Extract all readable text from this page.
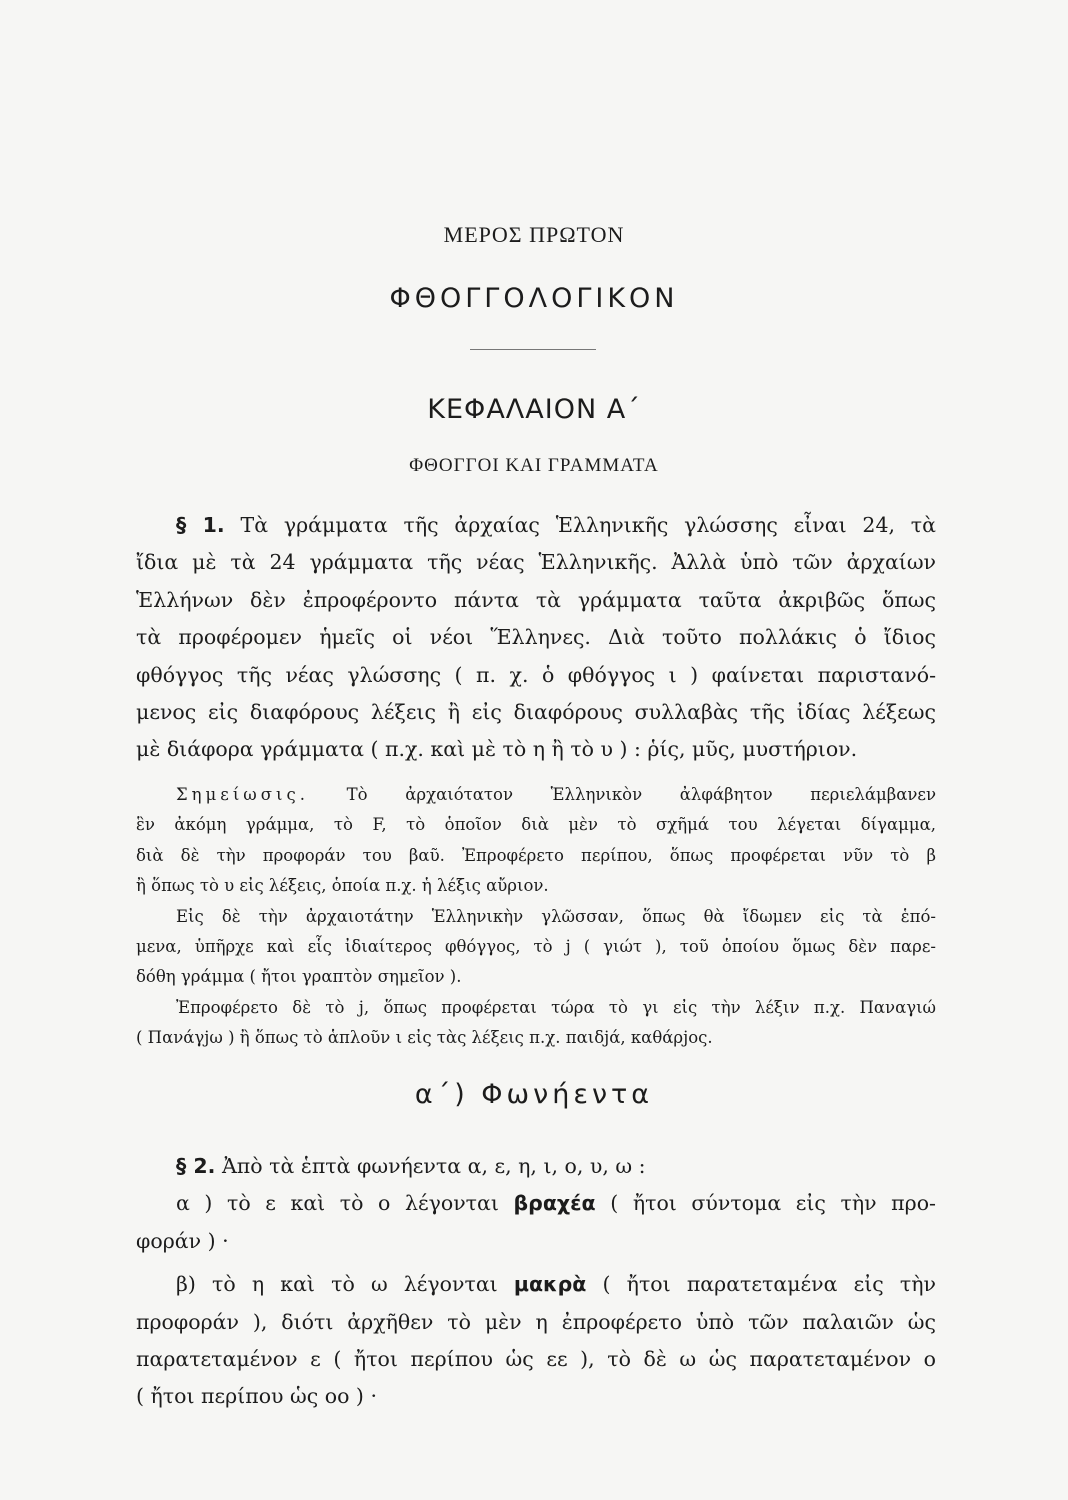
ΜΕΡΟΣ ΠΡΩΤΟΝ
ΦΘΟΓΓΟΛΟΓΙΚΟΝ
ΚΕΦΑΛΑΙΟΝ Α΄
ΦΘΟΓΓΟΙ ΚΑΙ ΓΡΑΜΜΑΤΑ
§ 1. Τὰ γράμματα τῆς ἀρχαίας Ἑλληνικῆς γλώσσης εἶναι 24, τὰ
ἴδια μὲ τὰ 24 γράμματα τῆς νέας Ἑλληνικῆς. Ἀλλὰ ὑπὸ τῶν ἀρχαίων
Ἑλλήνων δὲν ἐπροφέροντο πάντα τὰ γράμματα ταῦτα ἀκριβῶς ὅπως
τὰ προφέρομεν ἡμεῖς οἱ νέοι Ἕλληνες. Διὰ τοῦτο πολλάκις ὁ ἴδιος
φθόγγος τῆς νέας γλώσσης ( π. χ. ὁ φθόγγος ι ) φαίνεται παριστανό-
μενος εἰς διαφόρους λέξεις ἢ εἰς διαφόρους συλλαβὰς τῆς ἰδίας λέξεως
μὲ διάφορα γράμματα ( π.χ. καὶ μὲ τὸ η ἢ τὸ υ ) : ῥίς, μῦς, μυστήριον.
Σημείωσις. Τὸ ἀρχαιότατον Ἑλληνικὸν ἀλφάβητον περιελάμβανεν
ἓν ἀκόμη γράμμα, τὸ F, τὸ ὁποῖον διὰ μὲν τὸ σχῆμά του λέγεται δίγαμμα,
διὰ δὲ τὴν προφοράν του βαῦ. Ἐπροφέρετο περίπου, ὅπως προφέρεται νῦν τὸ β
ἢ ὅπως τὸ υ εἰς λέξεις, ὁποία π.χ. ἡ λέξις αὔριον.
Εἰς δὲ τὴν ἀρχαιοτάτην Ἑλληνικὴν γλῶσσαν, ὅπως θὰ ἴδωμεν εἰς τὰ ἑπό-
μενα, ὑπῆρχε καὶ εἷς ἰδιαίτερος φθόγγος, τὸ j ( γιώτ ), τοῦ ὁποίου ὅμως δὲν παρε-
δόθη γράμμα ( ἤτοι γραπτὸν σημεῖον ).
Ἐπροφέρετο δὲ τὸ j, ὅπως προφέρεται τώρα τὸ γι εἰς τὴν λέξιν π.χ. Παναγιώ
( Πανάγjω ) ἢ ὅπως τὸ ἁπλοῦν ι εἰς τὰς λέξεις π.χ. παιδjά, καθάρjος.
α΄) Φωνήεντα
§ 2. Ἀπὸ τὰ ἑπτὰ φωνήεντα α, ε, η, ι, ο, υ, ω :
α ) τὸ ε καὶ τὸ ο λέγονται βραχέα ( ἤτοι σύντομα εἰς τὴν προ-
φοράν ) ·
β) τὸ η καὶ τὸ ω λέγονται μακρὰ ( ἤτοι παρατεταμένα εἰς τὴν
προφοράν ), διότι ἀρχῆθεν τὸ μὲν η ἐπροφέρετο ὑπὸ τῶν παλαιῶν ὡς
παρατεταμένον ε ( ἤτοι περίπου ὡς εε ), τὸ δὲ ω ὡς παρατεταμένον ο
( ἤτοι περίπου ὡς οο ) ·
